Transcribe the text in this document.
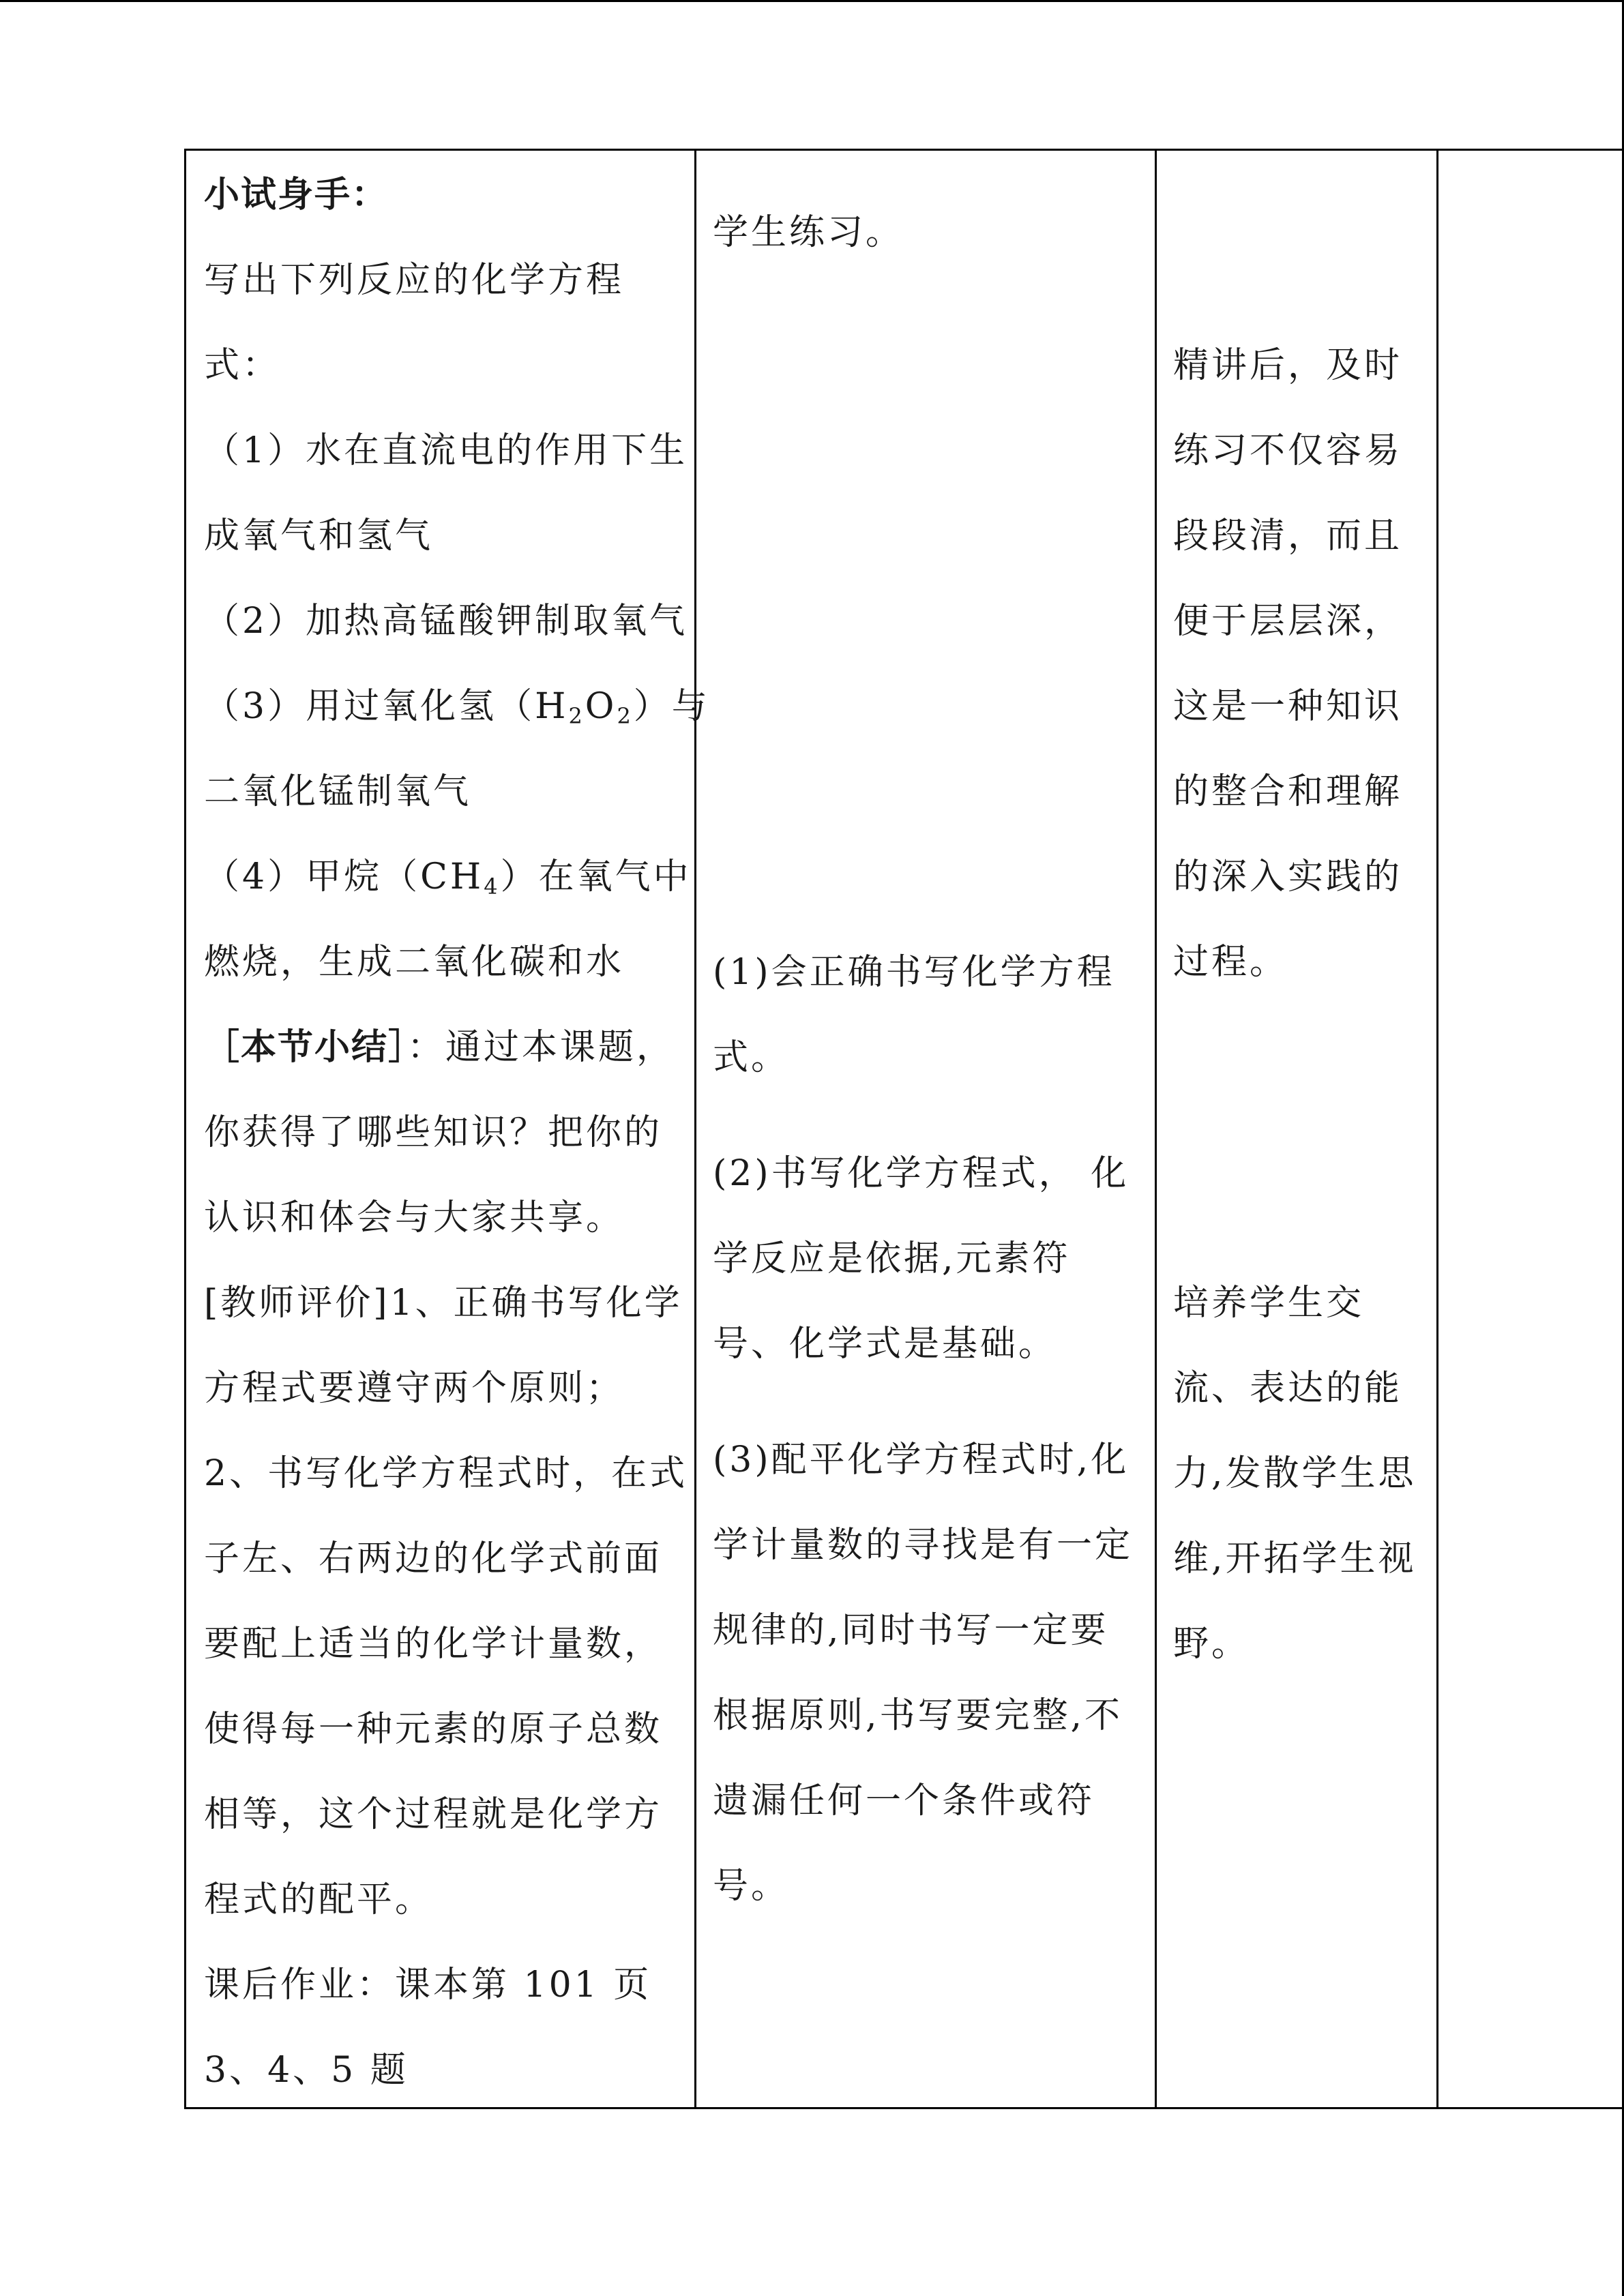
小试身手：
写出下列反应的化学方程
式：
（1）水在直流电的作用下生
成氧气和氢气
（2）加热高锰酸钾制取氧气
（3）用过氧化氢$(H_2O_2)$与
二氧化锰制氧气
（4）甲烷$(CH_4)$在氧气中
燃烧，生成二氧化碳和水
［本节小结］：通过本课题，
你获得了哪些知识？把你的
认识和体会与大家共享。
[教师评价]1、正确书写化学
方程式要遵守两个原则；
2、书写化学方程式时，在式
子左、右两边的化学式前面
要配上适当的化学计量数，
使得每一种元素的原子总数
相等，这个过程就是化学方
程式的配平。
课后作业：课本第 101 页
3、4、5 题
学生练习。
(1)会正确书写化学方程
式。
(2)书写化学方程式， 化
学反应是依据,元素符
号、化学式是基础。
(3)配平化学方程式时,化
学计量数的寻找是有一定
规律的,同时书写一定要
根据原则,书写要完整,不
遗漏任何一个条件或符
号。
精讲后，及时
练习不仅容易
段段清，而且
便于层层深，
这是一种知识
的整合和理解
的深入实践的
过程。
培养学生交
流、表达的能
力,发散学生思
维,开拓学生视
野。
